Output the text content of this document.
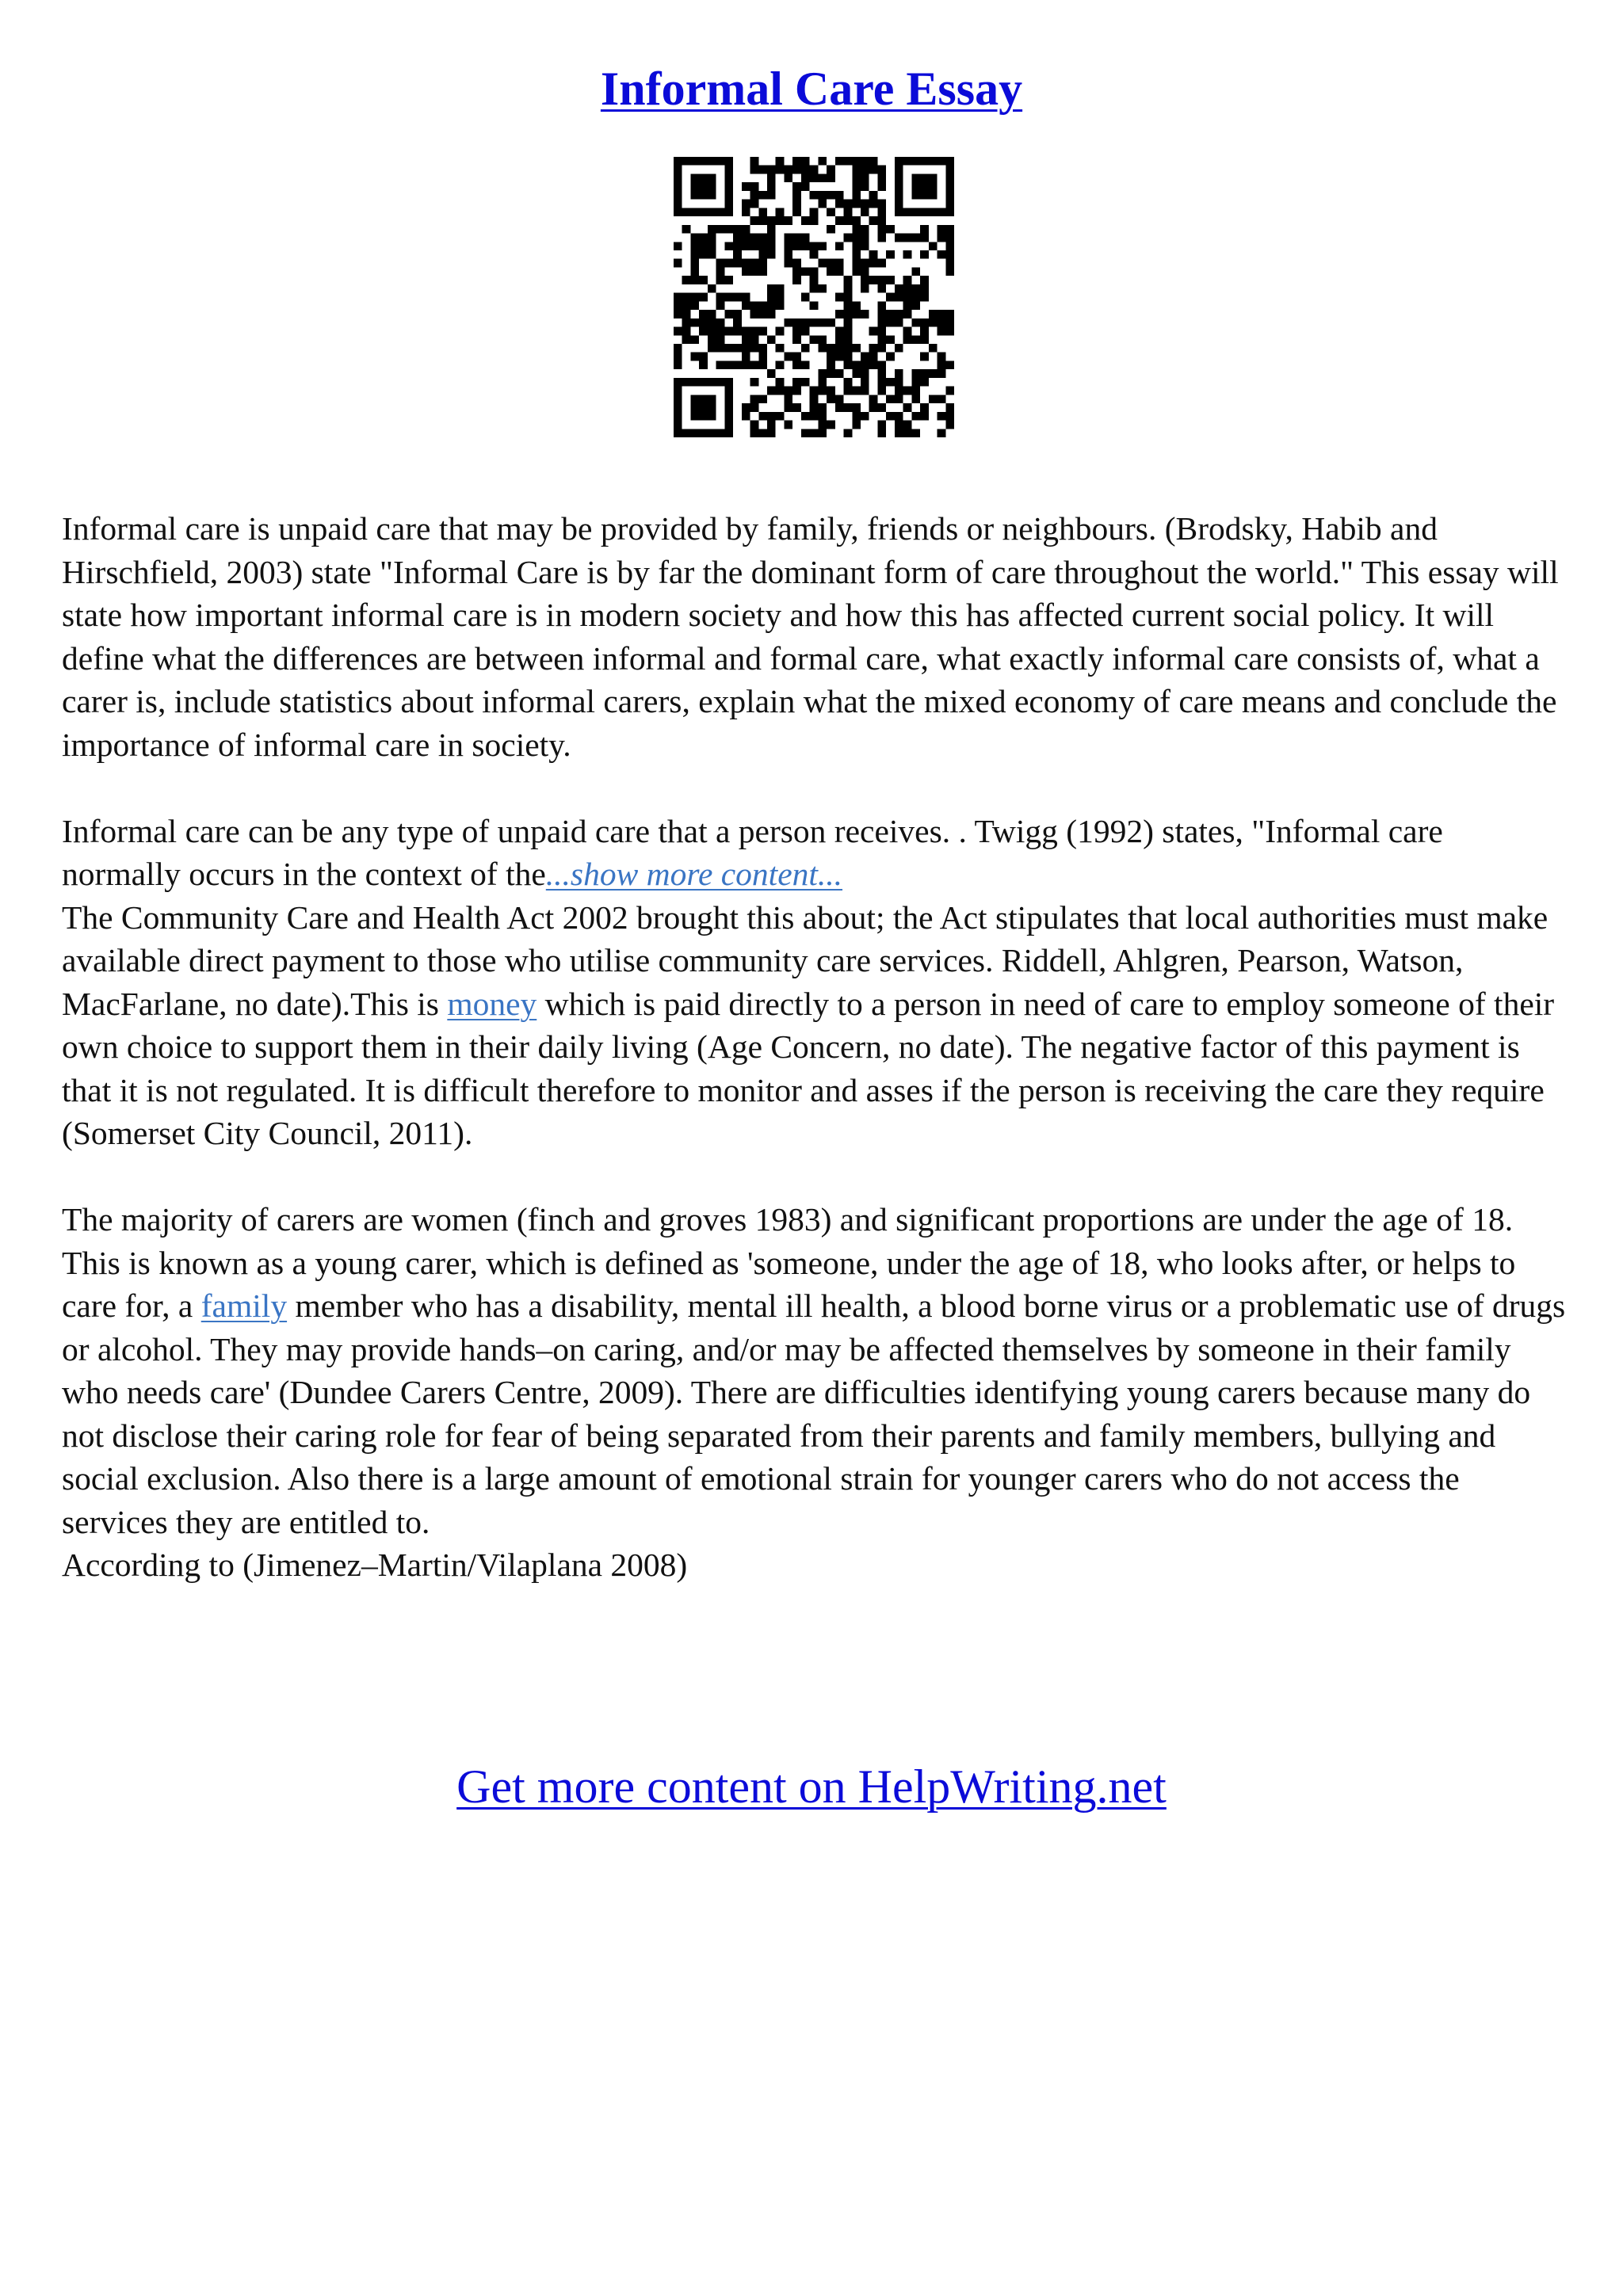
Informal Care Essay

Informal care is unpaid care that may be provided by family, friends or neighbours. (Brodsky, Habib and Hirschfield, 2003) state "Informal Care is by far the dominant form of care throughout the world." This essay will state how important informal care is in modern society and how this has affected current social policy. It will define what the differences are between informal and formal care, what exactly informal care consists of, what a carer is, include statistics about informal carers, explain what the mixed economy of care means and conclude the importance of informal care in society.

Informal care can be any type of unpaid care that a person receives. . Twigg (1992) states, "Informal care normally occurs in the context of the...show more content...

The Community Care and Health Act 2002 brought this about; the Act stipulates that local authorities must make available direct payment to those who utilise community care services. Riddell, Ahlgren, Pearson, Watson, MacFarlane, no date).This is money which is paid directly to a person in need of care to employ someone of their own choice to support them in their daily living (Age Concern, no date). The negative factor of this payment is that it is not regulated. It is difficult therefore to monitor and asses if the person is receiving the care they require (Somerset City Council, 2011).

The majority of carers are women (finch and groves 1983) and significant proportions are under the age of 18. This is known as a young carer, which is defined as 'someone, under the age of 18, who looks after, or helps to care for, a family member who has a disability, mental ill health, a blood borne virus or a problematic use of drugs or alcohol. They may provide hands–on caring, and/or may be affected themselves by someone in their family who needs care' (Dundee Carers Centre, 2009). There are difficulties identifying young carers because many do not disclose their caring role for fear of being separated from their parents and family members, bullying and social exclusion. Also there is a large amount of emotional strain for younger carers who do not access the services they are entitled to.

According to (Jimenez–Martin/Vilaplana 2008)

Get more content on HelpWriting.net
